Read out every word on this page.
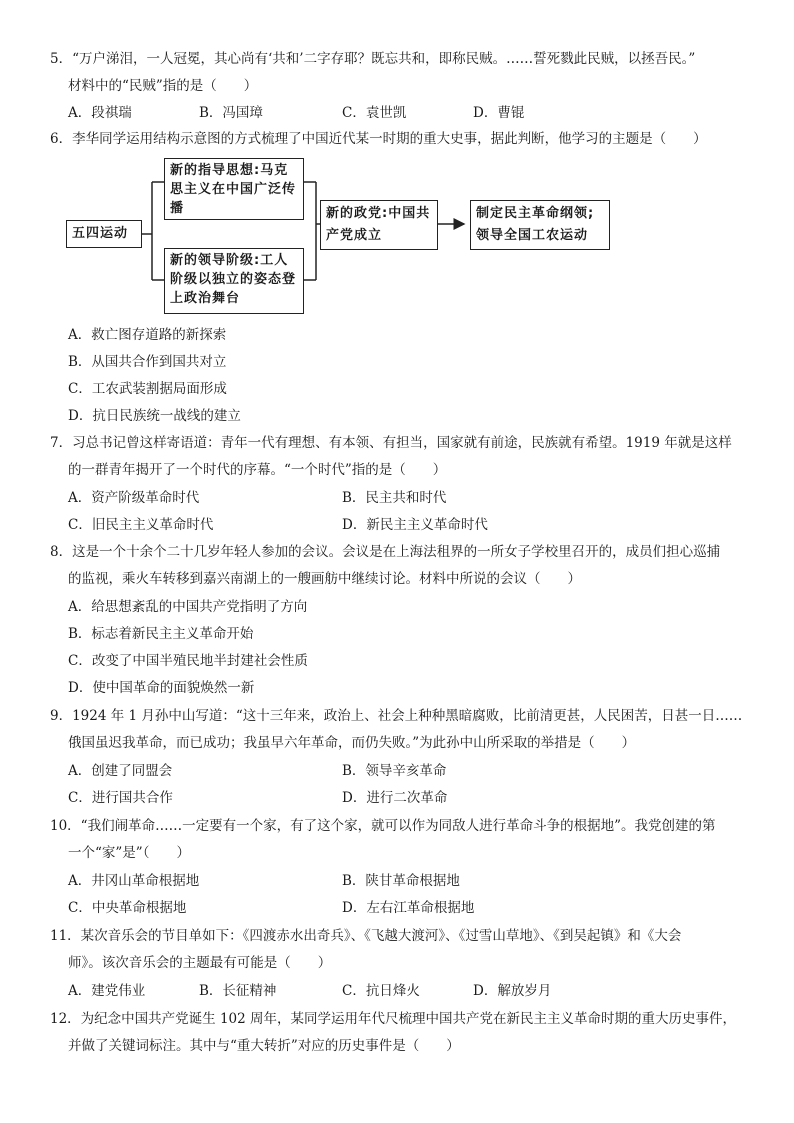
5．“万户涕泪，一人冠冕，其心尚有‘共和’二字存耶？既忘共和，即称民贼。……誓死戮此民贼，以拯吾民。”
材料中的“民贼”指的是（　　）
A．段祺瑞	B．冯国璋	C．袁世凯	D．曹锟
6．李华同学运用结构示意图的方式梳理了中国近代某一时期的重大史事，据此判断，他学习的主题是（　　）
五四运动
新的指导思想:马克思主义在中国广泛传播
新的领导阶级:工人阶级以独立的姿态登上政治舞台
新的政党:中国共产党成立
制定民主革命纲领;领导全国工农运动
A．救亡图存道路的新探索
B．从国共合作到国共对立
C．工农武装割据局面形成
D．抗日民族统一战线的建立
7．习总书记曾这样寄语道：青年一代有理想、有本领、有担当，国家就有前途，民族就有希望。1919 年就是这样
的一群青年揭开了一个时代的序幕。“一个时代”指的是（　　）
A．资产阶级革命时代	B．民主共和时代
C．旧民主主义革命时代	D．新民主主义革命时代
8．这是一个十余个二十几岁年轻人参加的会议。会议是在上海法租界的一所女子学校里召开的，成员们担心巡捕
的监视，乘火车转移到嘉兴南湖上的一艘画舫中继续讨论。材料中所说的会议（　　）
A．给思想紊乱的中国共产党指明了方向
B．标志着新民主主义革命开始
C．改变了中国半殖民地半封建社会性质
D．使中国革命的面貌焕然一新
9．1924 年 1 月孙中山写道：“这十三年来，政治上、社会上种种黑暗腐败，比前清更甚，人民困苦，日甚一日……
俄国虽迟我革命，而已成功；我虽早六年革命，而仍失败。”为此孙中山所采取的举措是（　　）
A．创建了同盟会	B．领导辛亥革命
C．进行国共合作	D．进行二次革命
10．“我们闹革命……一定要有一个家，有了这个家，就可以作为同敌人进行革命斗争的根据地”。我党创建的第
一个“家”是”（　　）
A．井冈山革命根据地	B．陕甘革命根据地
C．中央革命根据地	D．左右江革命根据地
11．某次音乐会的节目单如下：《四渡赤水出奇兵》、《飞越大渡河》、《过雪山草地》、《到吴起镇》和《大会
师》。该次音乐会的主题最有可能是（　　）
A．建党伟业	B．长征精神	C．抗日烽火	D．解放岁月
12．为纪念中国共产党诞生 102 周年，某同学运用年代尺梳理中国共产党在新民主主义革命时期的重大历史事件，
并做了关键词标注。其中与“重大转折”对应的历史事件是（　　）
